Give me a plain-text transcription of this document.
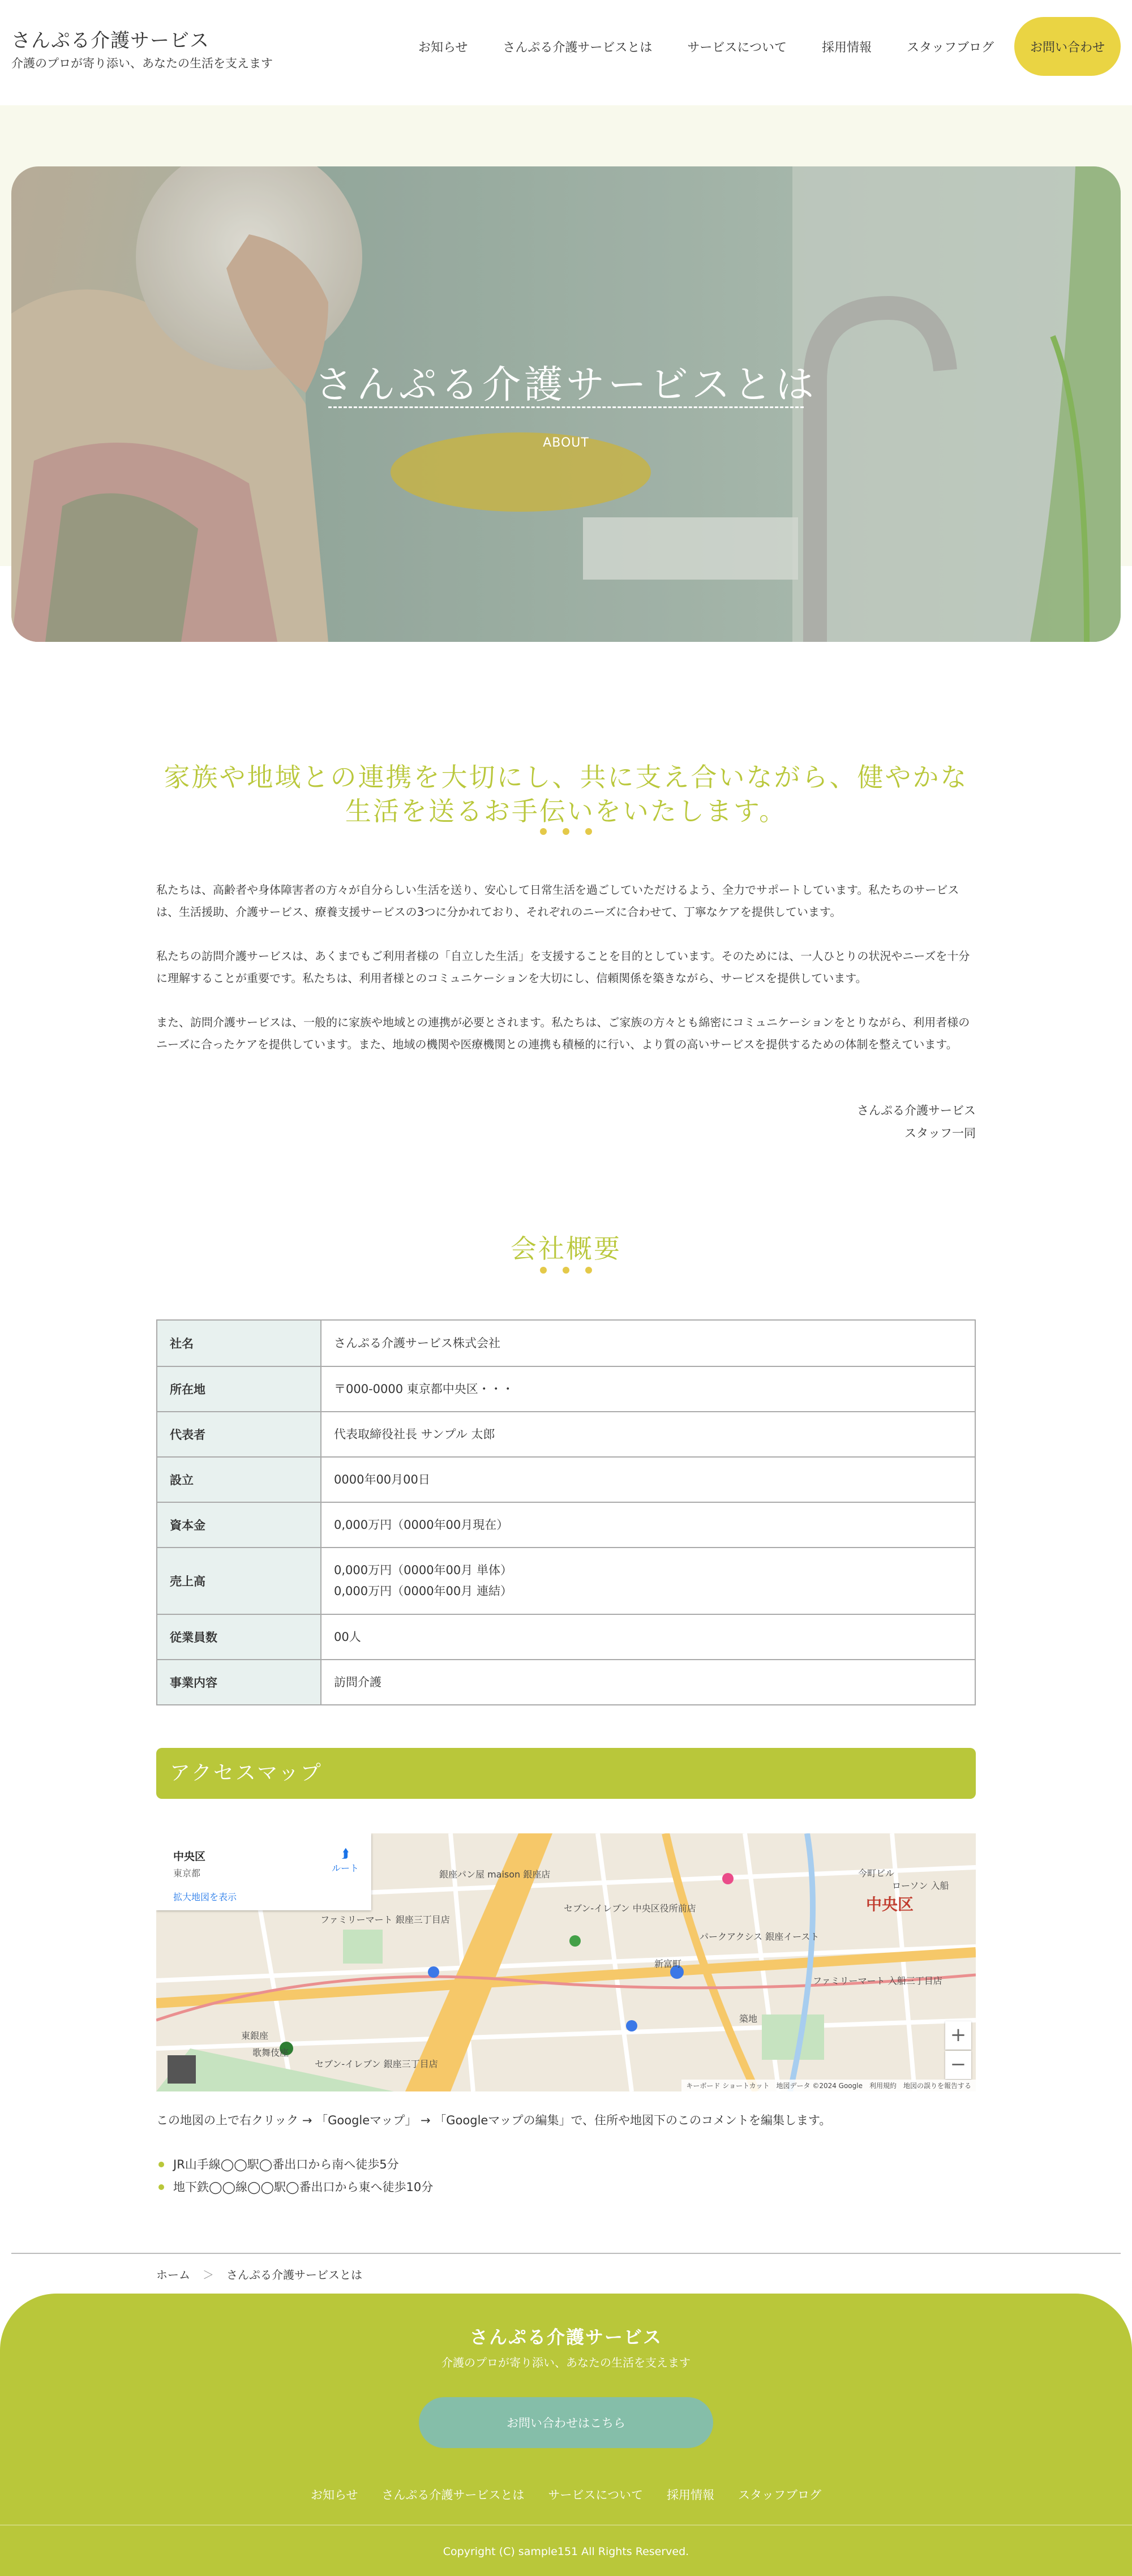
さんぷる介護サービス
介護のプロが寄り添い、あなたの生活を支えます
お知らせ	さんぷる介護サービスとは	サービスについて	採用情報	スタッフブログ	お問い合わせ
さんぷる介護サービスとは
ABOUT
家族や地域との連携を大切にし、共に支え合いながら、健やかな生活を送るお手伝いをいたします。

私たちは、高齢者や身体障害者の方々が自分らしい生活を送り、安心して日常生活を過ごしていただけるよう、全力でサポートしています。私たちのサービスは、生活援助、介護サービス、療養支援サービスの3つに分かれており、それぞれのニーズに合わせて、丁寧なケアを提供しています。

私たちの訪問介護サービスは、あくまでもご利用者様の「自立した生活」を支援することを目的としています。そのためには、一人ひとりの状況やニーズを十分に理解することが重要です。私たちは、利用者様とのコミュニケーションを大切にし、信頼関係を築きながら、サービスを提供しています。

また、訪問介護サービスは、一般的に家族や地域との連携が必要とされます。私たちは、ご家族の方々とも綿密にコミュニケーションをとりながら、利用者様のニーズに合ったケアを提供しています。また、地域の機関や医療機関との連携も積極的に行い、より質の高いサービスを提供するための体制を整えています。

さんぷる介護サービス
スタッフ一同
会社概要
社名	さんぷる介護サービス株式会社
所在地	〒000-0000 東京都中央区・・・
代表者	代表取締役社長 サンプル 太郎
設立	0000年00月00日
資本金	0,000万円（0000年00月現在）
売上高	0,000万円（0000年00月 単体）
0,000万円（0000年00月 連結）

従業員数	00人
事業内容	訪問介護
アクセスマップ
銀座パン屋 maison 銀座店
ファミリーマート 銀座三丁目店
セブン-イレブン 中央区役所前店
新富町
東銀座
歌舞伎座
築地
ファミリーマート 入船三丁目店
ローソン 入船
セブン-イレブン 銀座三丁目店
パークアクシス 銀座イースト
今町ビル
中央区
中央区
東京都
拡大地図を表示
⮭
ルート
+
−
キーボード ショートカット　地図データ ©2024 Google　利用規約　地図の誤りを報告する
この地図の上で右クリック → 「Googleマップ」 → 「Googleマップの編集」で、住所や地図下のこのコメントを編集します。
JR山手線◯◯駅◯番出口から南へ徒歩5分
地下鉄◯◯線◯◯駅◯番出口から東へ徒歩10分
ホーム ＞ さんぷる介護サービスとは
さんぷる介護サービス
介護のプロが寄り添い、あなたの生活を支えます
お問い合わせはこちら
お知らせ さんぷる介護サービスとは サービスについて 採用情報 スタッフブログ
Copyright (C) sample151 All Rights Reserved.
